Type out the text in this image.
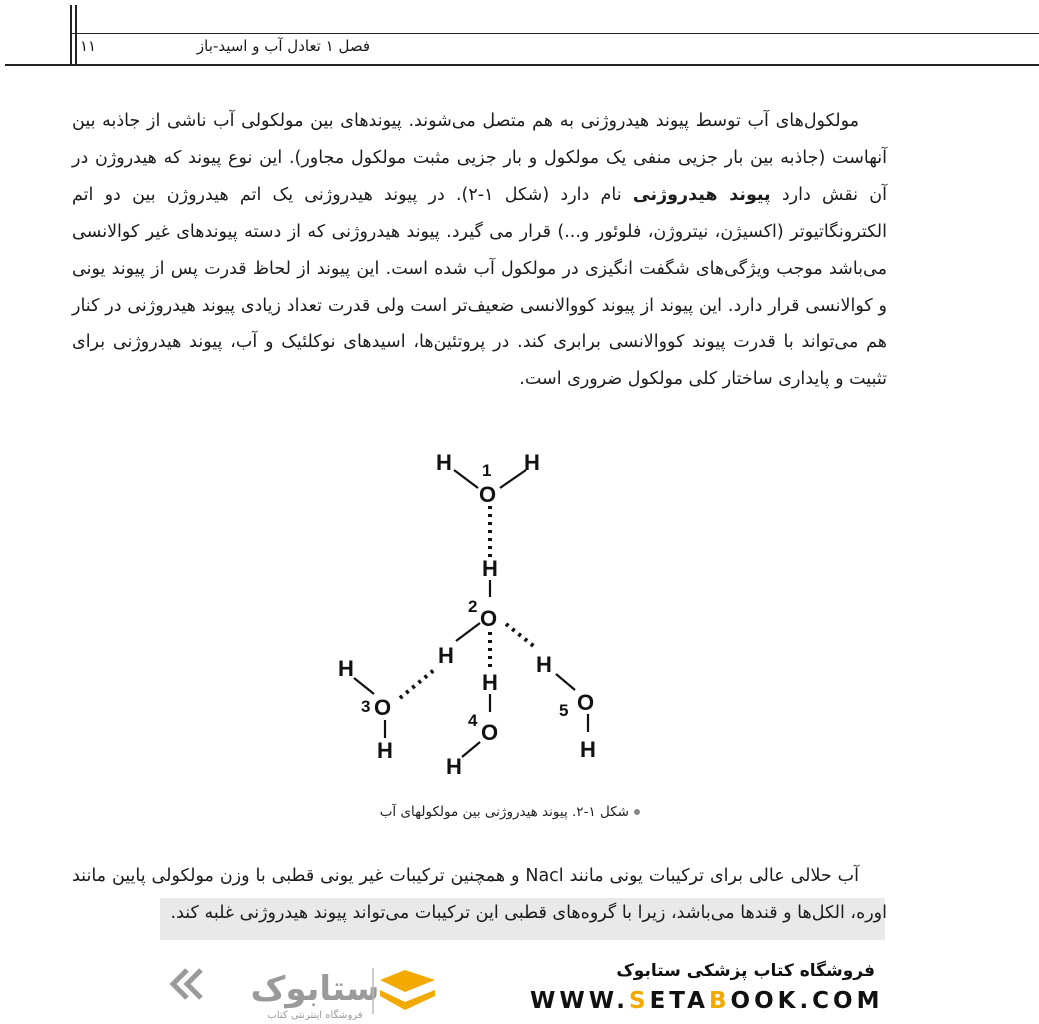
۱۱	فصل ۱ تعادل آب و اسید-باز

مولکول‌های آب توسط پیوند هیدروژنی به هم متصل می‌شوند. پیوندهای بین مولکولی آب ناشی از جاذبه بین آنهاست (جاذبه بین بار جزیی منفی یک مولکول و بار جزیی مثبت مولکول مجاور). این نوع پیوند که هیدروژن در آن نقش دارد پیوند هیدروژنی نام دارد (شکل ۱-۲). در پیوند هیدروژنی یک اتم هیدروژن بین دو اتم الکترونگاتیوتر (اکسیژن، نیتروژن، فلوئور و...) قرار می گیرد. پیوند هیدروژنی که از دسته پیوندهای غیر کوالانسی می‌باشد موجب ویژگی‌های شگفت انگیزی در مولکول آب شده است. این پیوند از لحاظ قدرت پس از پیوند یونی و کوالانسی قرار دارد. این پیوند از پیوند کووالانسی ضعیف‌تر است ولی قدرت تعداد زیادی پیوند هیدروژنی در کنار هم می‌تواند با قدرت پیوند کووالانسی برابری کند. در پروتئین‌ها، اسیدهای نوکلئیک و آب، پیوند هیدروژنی برای تثبیت و پایداری ساختار کلی مولکول ضروری است.

H	H
1
O
H
2 O
H
H
3 O
H
H
4 O
H
H
5 O
H
شکل ۱-۲. پیوند هیدروژنی بین مولکولهای آب

آب حلالی عالی برای ترکیبات یونی مانند Nacl و همچنین ترکیبات غیر یونی قطبی با وزن مولکولی پایین مانند اوره، الکل‌ها و قندها می‌باشد، زیرا با گروه‌های قطبی این ترکیبات می‌تواند پیوند هیدروژنی غلبه کند.

ستابوک
فروشگاه اینترنتی کتاب
فروشگاه کتاب پزشکی ستابوک
WWW.SETABOOK.COM
